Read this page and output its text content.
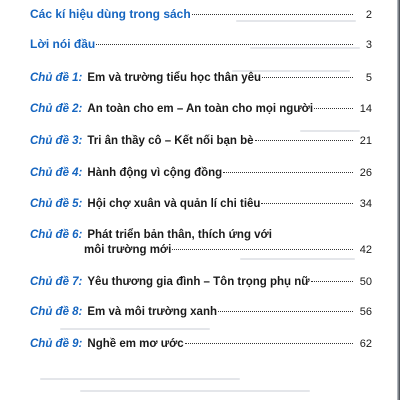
Các kí hiệu dùng trong sách	2
Lời nói đầu	3
Chủ đề 1: Em và trường tiểu học thân yêu	5
Chủ đề 2: An toàn cho em – An toàn cho mọi người	14
Chủ đề 3: Tri ân thầy cô – Kết nối bạn bè	21
Chủ đề 4: Hành động vì cộng đồng	26
Chủ đề 5: Hội chợ xuân và quản lí chi tiêu	34
Chủ đề 6: Phát triển bản thân, thích ứng với
môi trường mới	42
Chủ đề 7: Yêu thương gia đình – Tôn trọng phụ nữ	50
Chủ đề 8: Em và môi trường xanh	56
Chủ đề 9: Nghề em mơ ước	62
